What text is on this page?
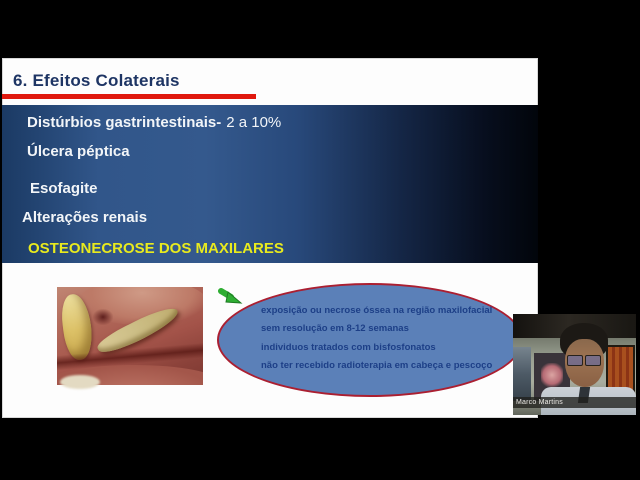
6. Efeitos Colaterais
Distúrbios gastrintestinais- 2 a 10%
Úlcera péptica
Esofagite
Alterações renais
OSTEONECROSE DOS MAXILARES
exposição ou necrose óssea na região maxilofacial
sem resolução em 8-12 semanas
individuos tratados com bisfosfonatos
não ter recebido radioterapia em cabeça e pescoço
Marco Martins
